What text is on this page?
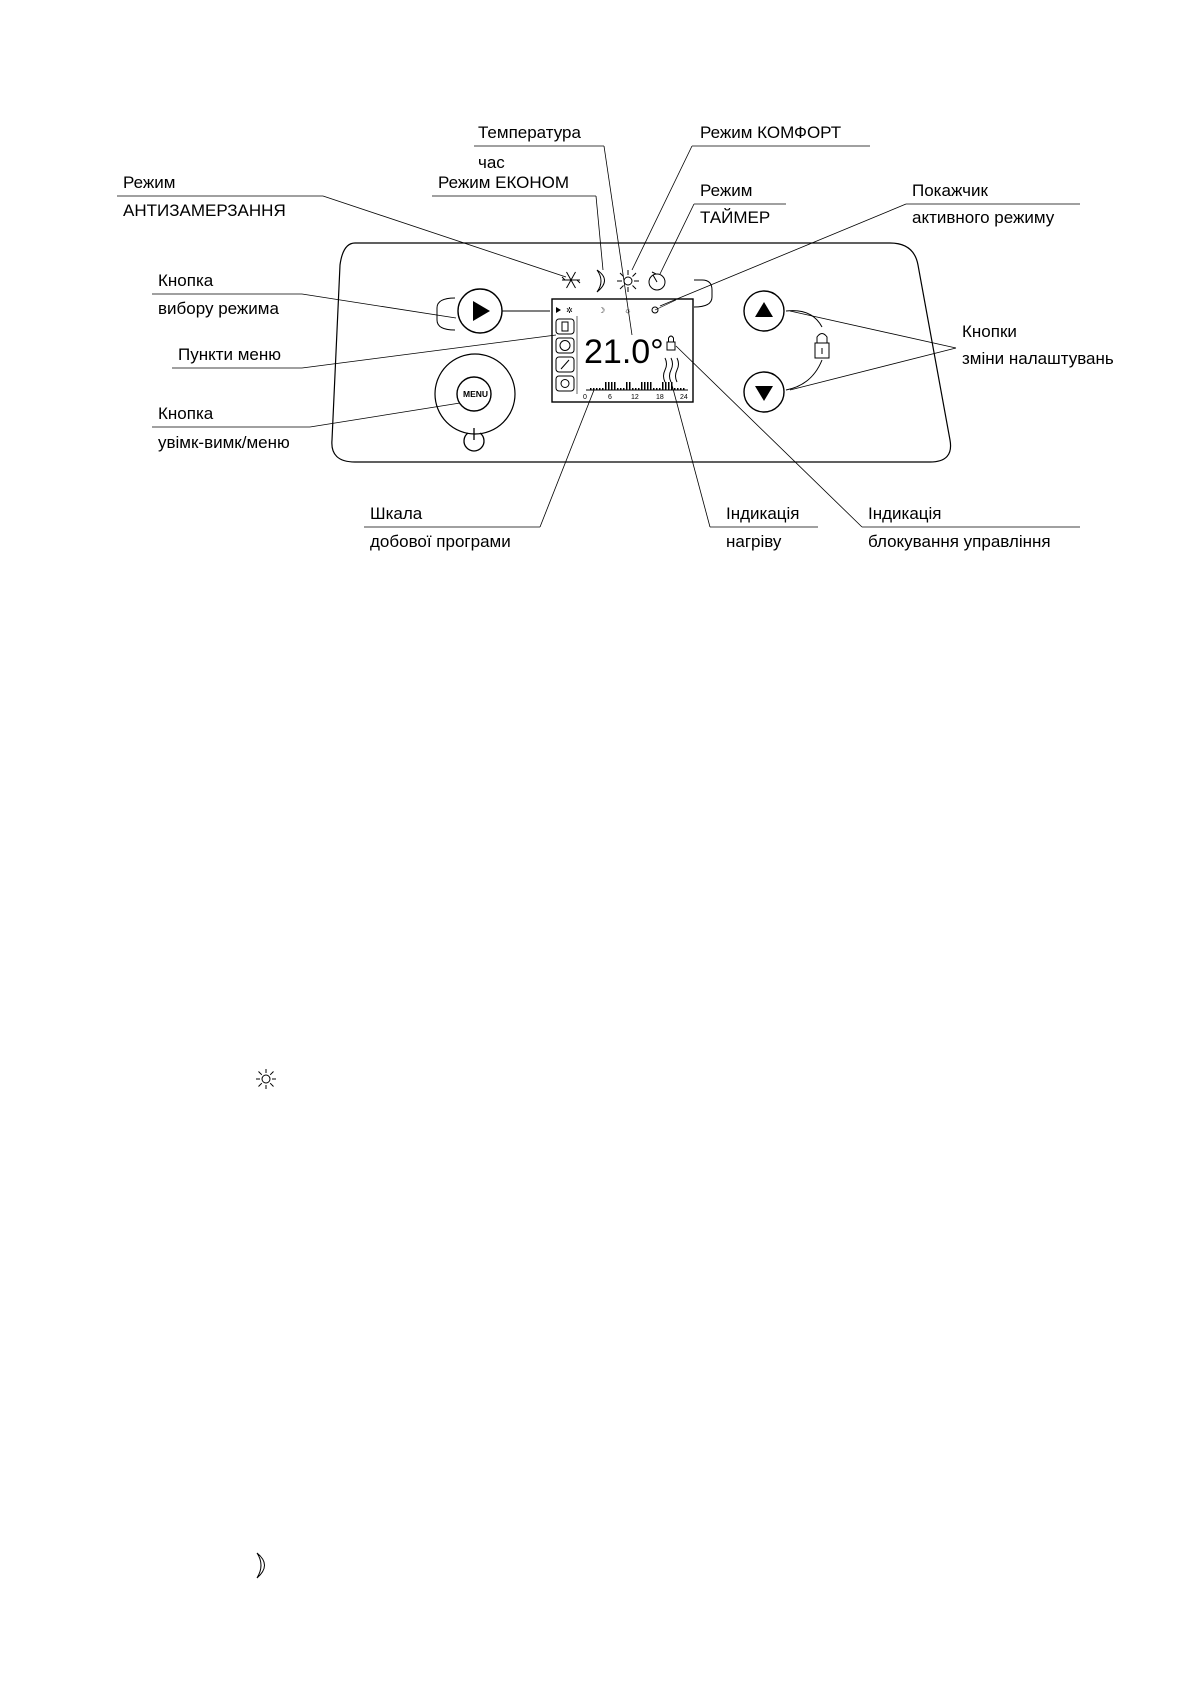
✲	☽ ☼
21.0°
0	6	12 18 24
MENU
Температура
час
Режим КОМФОРТ
Режим ЕКОНОМ
Режим
АНТИЗАМЕРЗАННЯ
Режим
ТАЙМЕР
Покажчик
активного режиму
Кнопка
вибору режима
Пункти меню
Кнопка
увімк-вимк/меню
Кнопки
зміни налаштувань
Шкала
добової програми
Індикація
нагріву
Індикація
блокування управління
